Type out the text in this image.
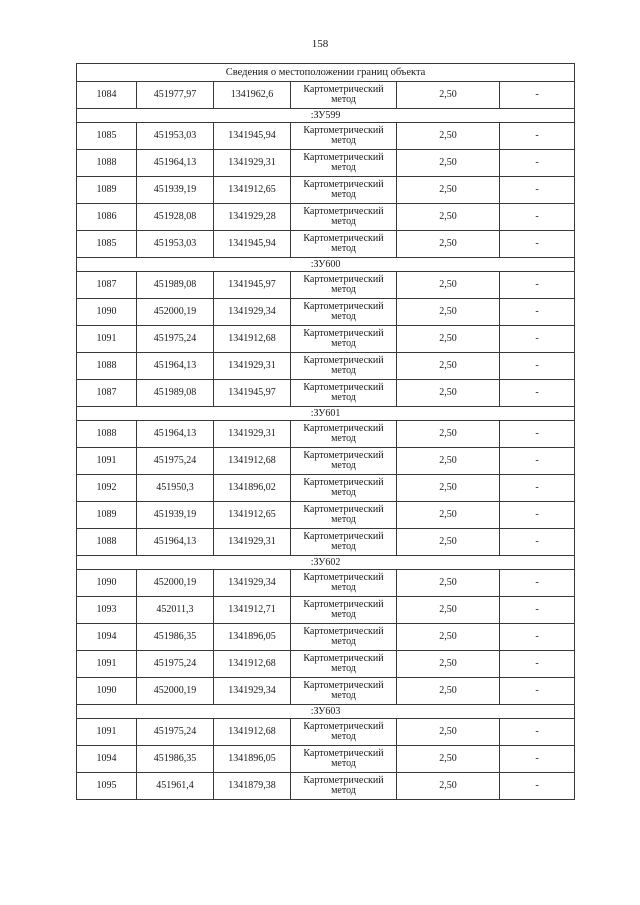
158
Сведения о местоположении границ объекта					
1084	451977,97	1341962,6	Картометрический метод	2,50	-
:ЗУ599					
1085	451953,03	1341945,94	Картометрический метод	2,50	-
1088	451964,13	1341929,31	Картометрический метод	2,50	-
1089	451939,19	1341912,65	Картометрический метод	2,50	-
1086	451928,08	1341929,28	Картометрический метод	2,50	-
1085	451953,03	1341945,94	Картометрический метод	2,50	-
:ЗУ600					
1087	451989,08	1341945,97	Картометрический метод	2,50	-
1090	452000,19	1341929,34	Картометрический метод	2,50	-
1091	451975,24	1341912,68	Картометрический метод	2,50	-
1088	451964,13	1341929,31	Картометрический метод	2,50	-
1087	451989,08	1341945,97	Картометрический метод	2,50	-
:ЗУ601					
1088	451964,13	1341929,31	Картометрический метод	2,50	-
1091	451975,24	1341912,68	Картометрический метод	2,50	-
1092	451950,3	1341896,02	Картометрический метод	2,50	-
1089	451939,19	1341912,65	Картометрический метод	2,50	-
1088	451964,13	1341929,31	Картометрический метод	2,50	-
:ЗУ602					
1090	452000,19	1341929,34	Картометрический метод	2,50	-
1093	452011,3	1341912,71	Картометрический метод	2,50	-
1094	451986,35	1341896,05	Картометрический метод	2,50	-
1091	451975,24	1341912,68	Картометрический метод	2,50	-
1090	452000,19	1341929,34	Картометрический метод	2,50	-
:ЗУ603					
1091	451975,24	1341912,68	Картометрический метод	2,50	-
1094	451986,35	1341896,05	Картометрический метод	2,50	-
1095	451961,4	1341879,38	Картометрический метод	2,50	-
